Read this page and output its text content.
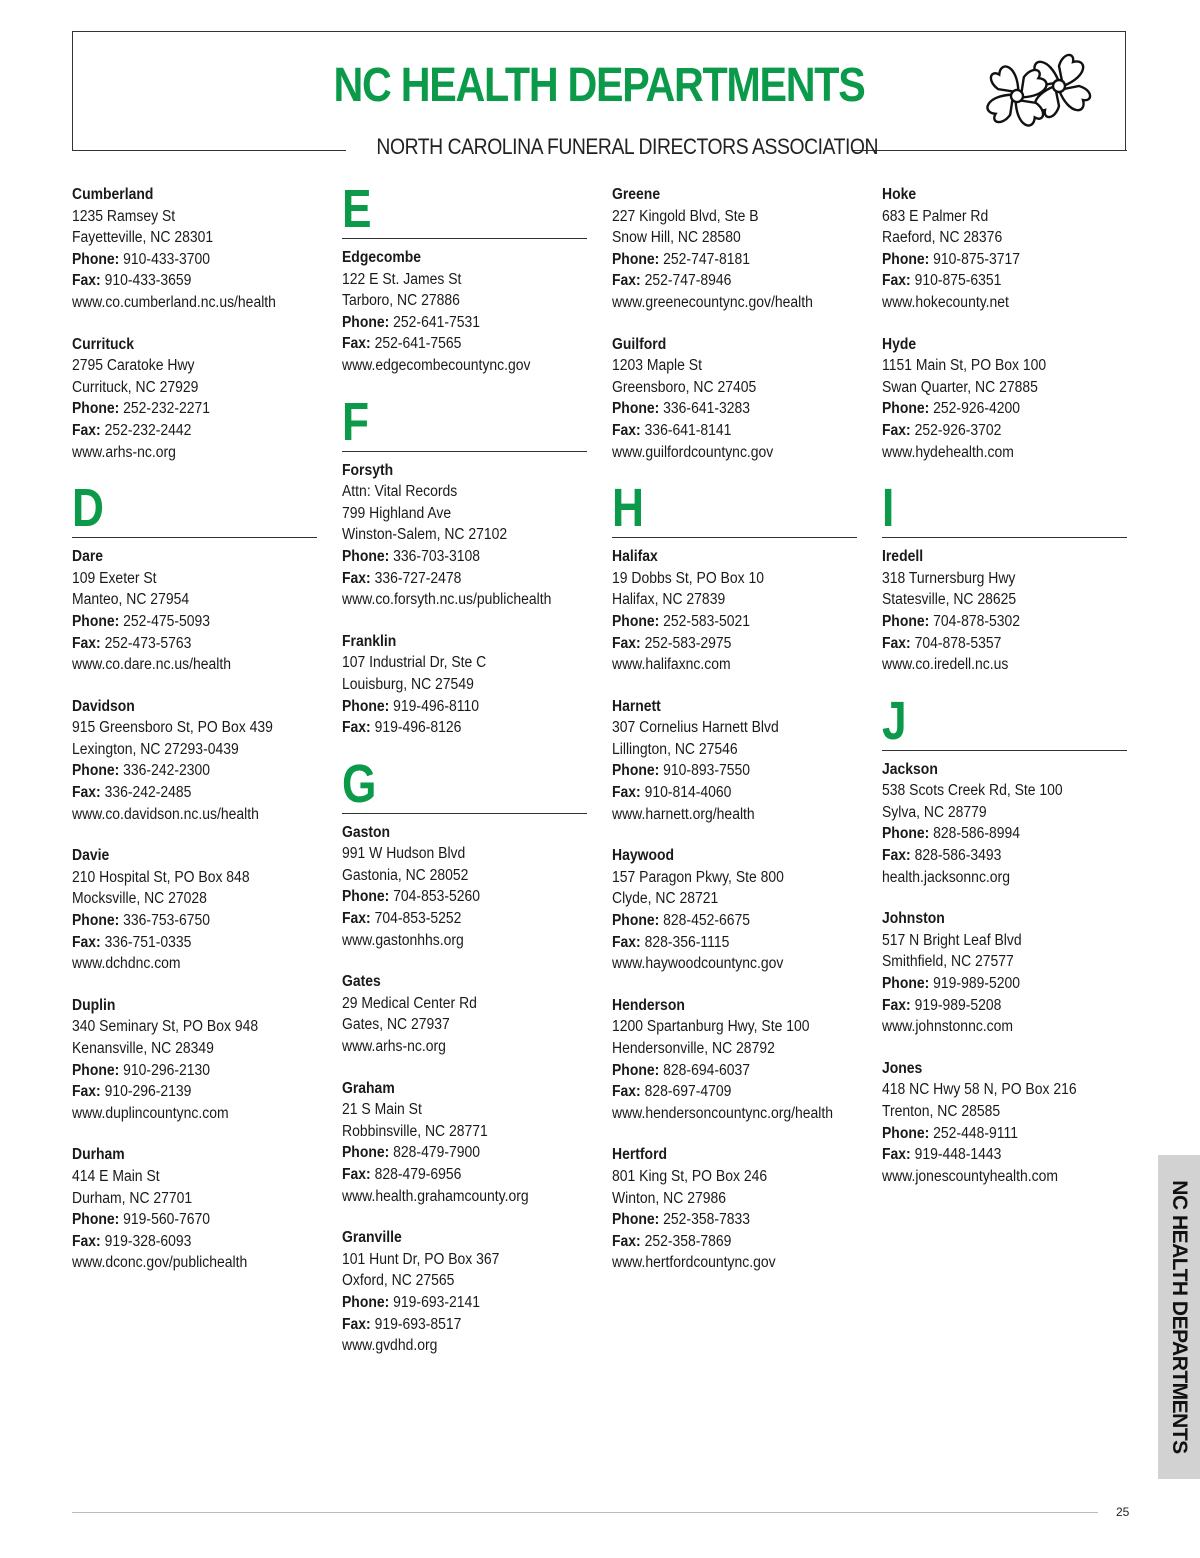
NC HEALTH DEPARTMENTS
NORTH CAROLINA FUNERAL DIRECTORS ASSOCIATION
Cumberland
1235 Ramsey St
Fayetteville, NC 28301
Phone: 910-433-3700
Fax: 910-433-3659
www.co.cumberland.nc.us/health
Currituck
2795 Caratoke Hwy
Currituck, NC 27929
Phone: 252-232-2271
Fax: 252-232-2442
www.arhs-nc.org
D
Dare
109 Exeter St
Manteo, NC 27954
Phone: 252-475-5093
Fax: 252-473-5763
www.co.dare.nc.us/health
Davidson
915 Greensboro St, PO Box 439
Lexington, NC 27293-0439
Phone: 336-242-2300
Fax: 336-242-2485
www.co.davidson.nc.us/health
Davie
210 Hospital St, PO Box 848
Mocksville, NC 27028
Phone: 336-753-6750
Fax: 336-751-0335
www.dchdnc.com
Duplin
340 Seminary St, PO Box 948
Kenansville, NC 28349
Phone: 910-296-2130
Fax: 910-296-2139
www.duplincountync.com
Durham
414 E Main St
Durham, NC 27701
Phone: 919-560-7670
Fax: 919-328-6093
www.dconc.gov/publichealth
E
Edgecombe
122 E St. James St
Tarboro, NC 27886
Phone: 252-641-7531
Fax: 252-641-7565
www.edgecombecountync.gov
F
Forsyth
Attn: Vital Records
799 Highland Ave
Winston-Salem, NC 27102
Phone: 336-703-3108
Fax: 336-727-2478
www.co.forsyth.nc.us/publichealth
Franklin
107 Industrial Dr, Ste C
Louisburg, NC 27549
Phone: 919-496-8110
Fax: 919-496-8126
G
Gaston
991 W Hudson Blvd
Gastonia, NC 28052
Phone: 704-853-5260
Fax: 704-853-5252
www.gastonhhs.org
Gates
29 Medical Center Rd
Gates, NC 27937
www.arhs-nc.org
Graham
21 S Main St
Robbinsville, NC 28771
Phone: 828-479-7900
Fax: 828-479-6956
www.health.grahamcounty.org
Granville
101 Hunt Dr, PO Box 367
Oxford, NC 27565
Phone: 919-693-2141
Fax: 919-693-8517
www.gvdhd.org
Greene
227 Kingold Blvd, Ste B
Snow Hill, NC 28580
Phone: 252-747-8181
Fax: 252-747-8946
www.greenecountync.gov/health
Guilford
1203 Maple St
Greensboro, NC 27405
Phone: 336-641-3283
Fax: 336-641-8141
www.guilfordcountync.gov
H
Halifax
19 Dobbs St, PO Box 10
Halifax, NC 27839
Phone: 252-583-5021
Fax: 252-583-2975
www.halifaxnc.com
Harnett
307 Cornelius Harnett Blvd
Lillington, NC 27546
Phone: 910-893-7550
Fax: 910-814-4060
www.harnett.org/health
Haywood
157 Paragon Pkwy, Ste 800
Clyde, NC 28721
Phone: 828-452-6675
Fax: 828-356-1115
www.haywoodcountync.gov
Henderson
1200 Spartanburg Hwy, Ste 100
Hendersonville, NC 28792
Phone: 828-694-6037
Fax: 828-697-4709
www.hendersoncountync.org/health
Hertford
801 King St, PO Box 246
Winton, NC 27986
Phone: 252-358-7833
Fax: 252-358-7869
www.hertfordcountync.gov
Hoke
683 E Palmer Rd
Raeford, NC 28376
Phone: 910-875-3717
Fax: 910-875-6351
www.hokecounty.net
Hyde
1151 Main St, PO Box 100
Swan Quarter, NC 27885
Phone: 252-926-4200
Fax: 252-926-3702
www.hydehealth.com
I
Iredell
318 Turnersburg Hwy
Statesville, NC 28625
Phone: 704-878-5302
Fax: 704-878-5357
www.co.iredell.nc.us
J
Jackson
538 Scots Creek Rd, Ste 100
Sylva, NC 28779
Phone: 828-586-8994
Fax: 828-586-3493
health.jacksonnc.org
Johnston
517 N Bright Leaf Blvd
Smithfield, NC 27577
Phone: 919-989-5200
Fax: 919-989-5208
www.johnstonnc.com
Jones
418 NC Hwy 58 N, PO Box 216
Trenton, NC 28585
Phone: 252-448-9111
Fax: 919-448-1443
www.jonescountyhealth.com
NC HEALTH DEPARTMENTS
25
